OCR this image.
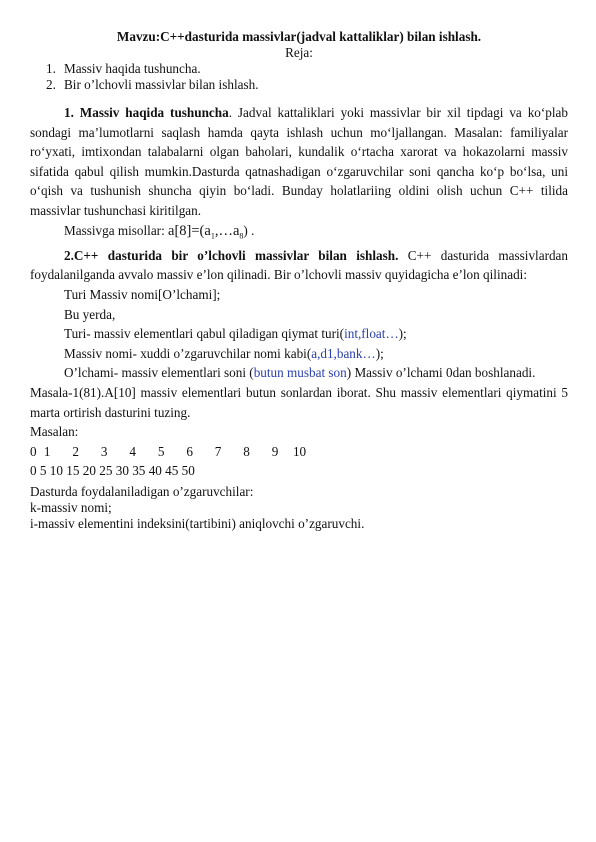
Mavzu:C++dasturida massivlar(jadval kattaliklar) bilan ishlash.

Reja:

1. Massiv haqida tushuncha.
2. Bir o’lchovli massivlar bilan ishlash.

1. Massiv haqida tushuncha. Jadval kattaliklari yoki massivlar bir xil tipdagi va ko‘plab sondagi ma’lumotlarni saqlash hamda qayta ishlash uchun mo‘ljallangan. Masalan: familiyalar ro‘yxati, imtixondan talabalarni olgan baholari, kundalik o‘rtacha xarorat va hokazolarni massiv sifatida qabul qilish mumkin.Dasturda qatnashadigan o‘zgaruvchilar soni qancha ko‘p bo‘lsa, uni o‘qish va tushunish shuncha qiyin bo‘ladi. Bunday holatlariing oldini olish uchun C++ tilida massivlar tushunchasi kiritilgan.

Massivga misollar: $a[8]=(a_1,\dots a_8)$ .

2.C++ dasturida bir o’lchovli massivlar bilan ishlash. C++ dasturida massivlardan foydalanilganda avvalo massiv e’lon qilinadi. Bir o’lchovli massiv quyidagicha e’lon qilinadi:

Turi Massiv nomi[O’lchami];

Bu yerda,

Turi- massiv elementlari qabul qiladigan qiymat turi(int,float…);

Massiv nomi- xuddi o’zgaruvchilar nomi kabi(a,d1,bank…);

O’lchami- massiv elementlari soni (butun musbat son) Massiv o’lchami 0dan boshlanadi.

Masala-1(81).A[10] massiv elementlari butun sonlardan iborat. Shu massiv elementlari qiymatini 5 marta ortirish dasturini tuzing.

Masalan:

0 1   2   3   4   5   6   7   8   9  10

0 5 10 15 20 25 30 35 40 45 50

Dasturda foydalaniladigan o’zgaruvchilar:

k-massiv nomi;

i-massiv elementini indeksini(tartibini) aniqlovchi o’zgaruvchi.
